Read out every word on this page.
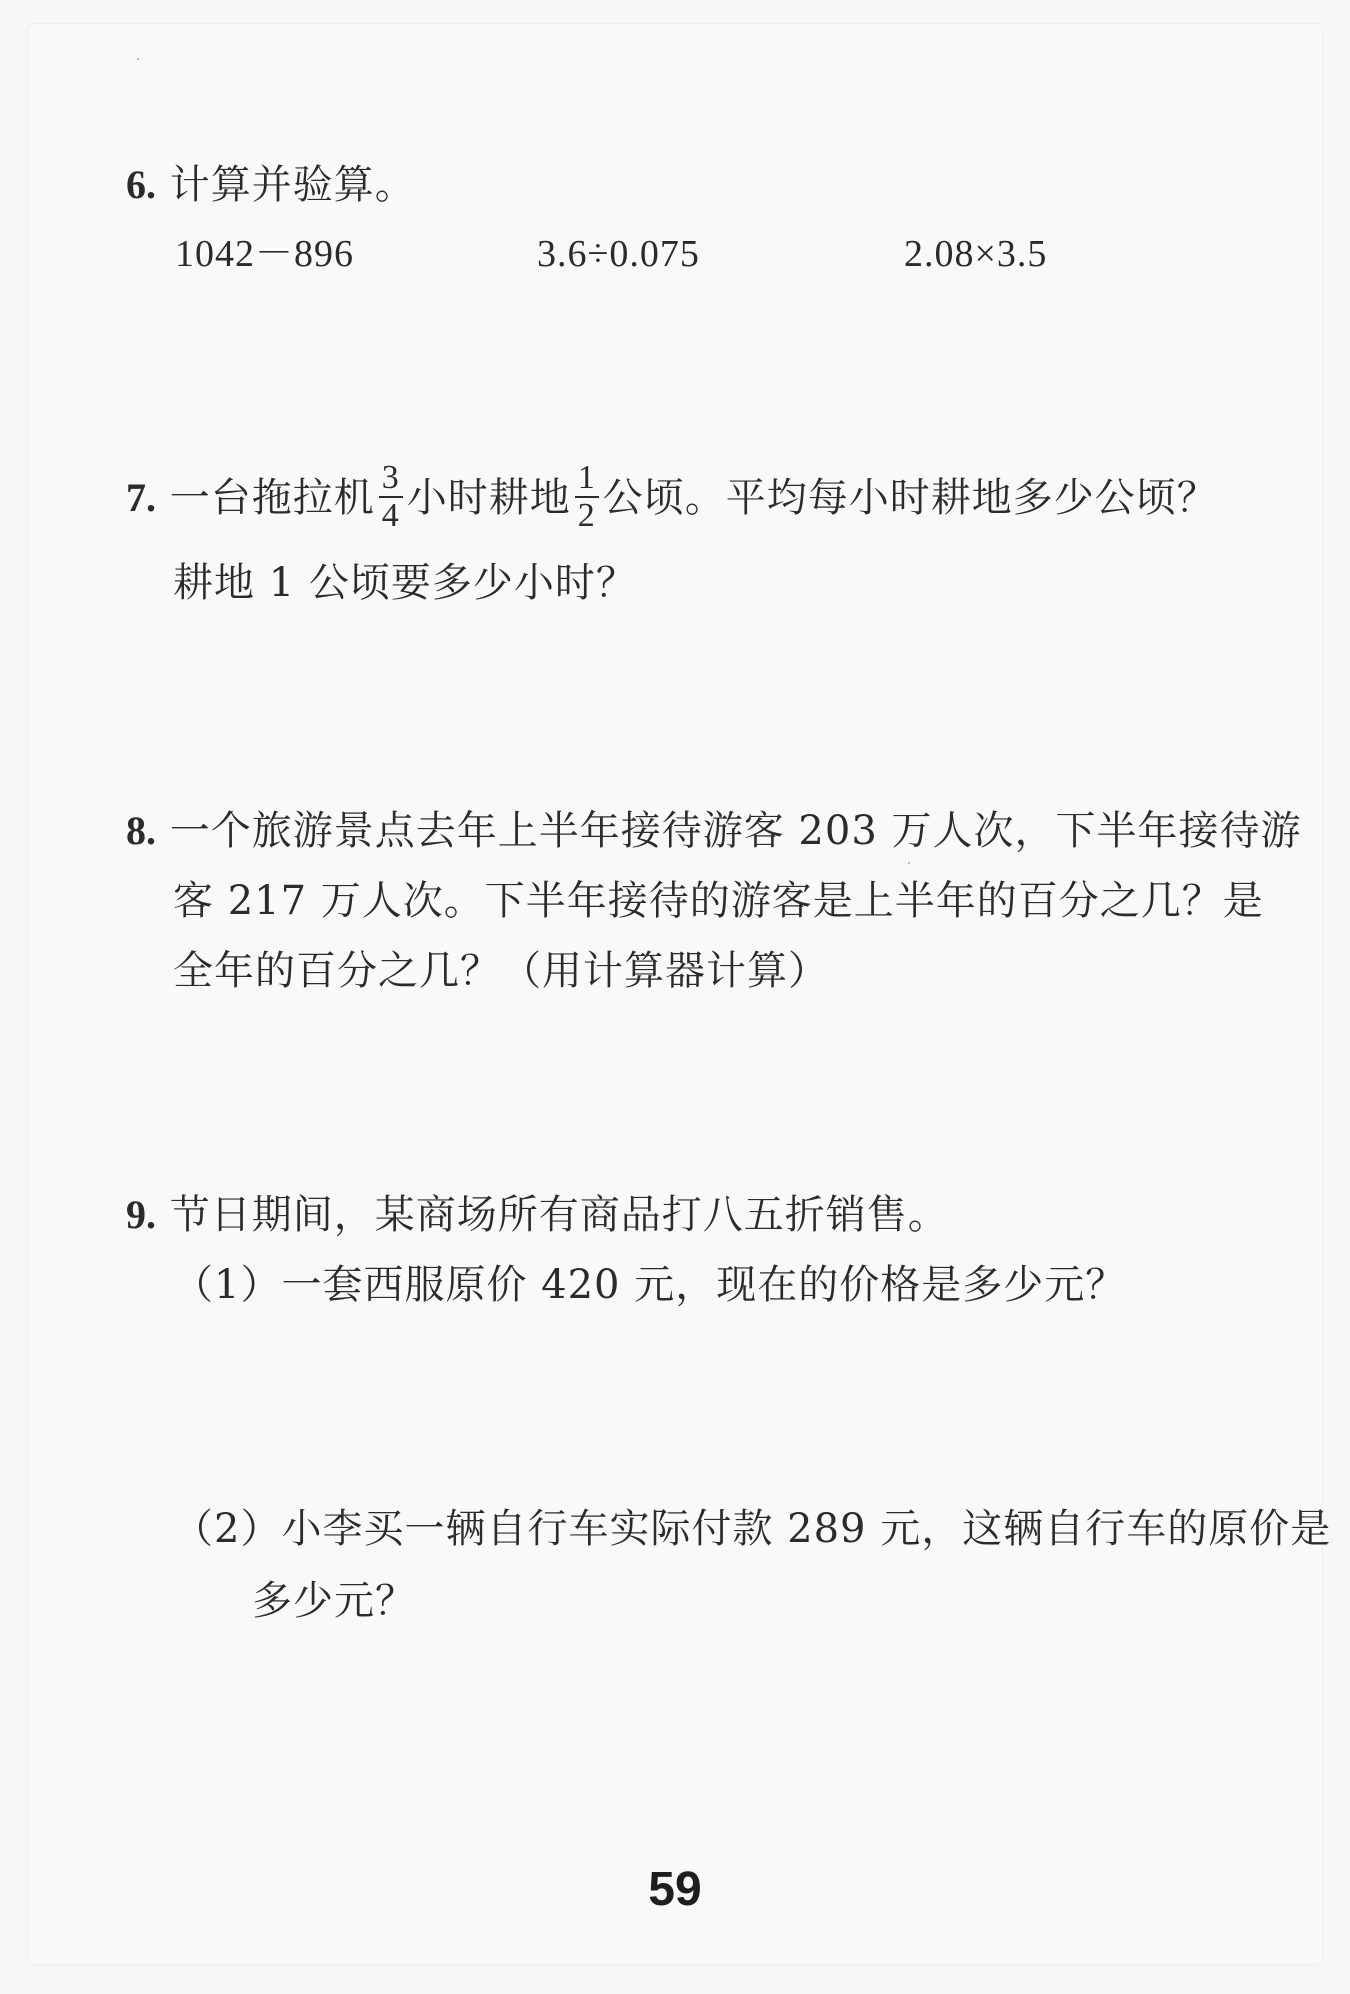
6. 计算并验算。
1042－896	3.6÷0.075	2.08×3.5
7. 一台拖拉机 $\frac{3}{4}$ 小时耕地 $\frac{1}{2}$ 公顷。平均每小时耕地多少公顷？
耕地 1 公顷要多少小时？
8. 一个旅游景点去年上半年接待游客 203 万人次，下半年接待游
客 217 万人次。下半年接待的游客是上半年的百分之几？是
全年的百分之几？（用计算器计算）
9. 节日期间，某商场所有商品打八五折销售。
（1）一套西服原价 420 元，现在的价格是多少元？
（2）小李买一辆自行车实际付款 289 元，这辆自行车的原价是
多少元？
59
